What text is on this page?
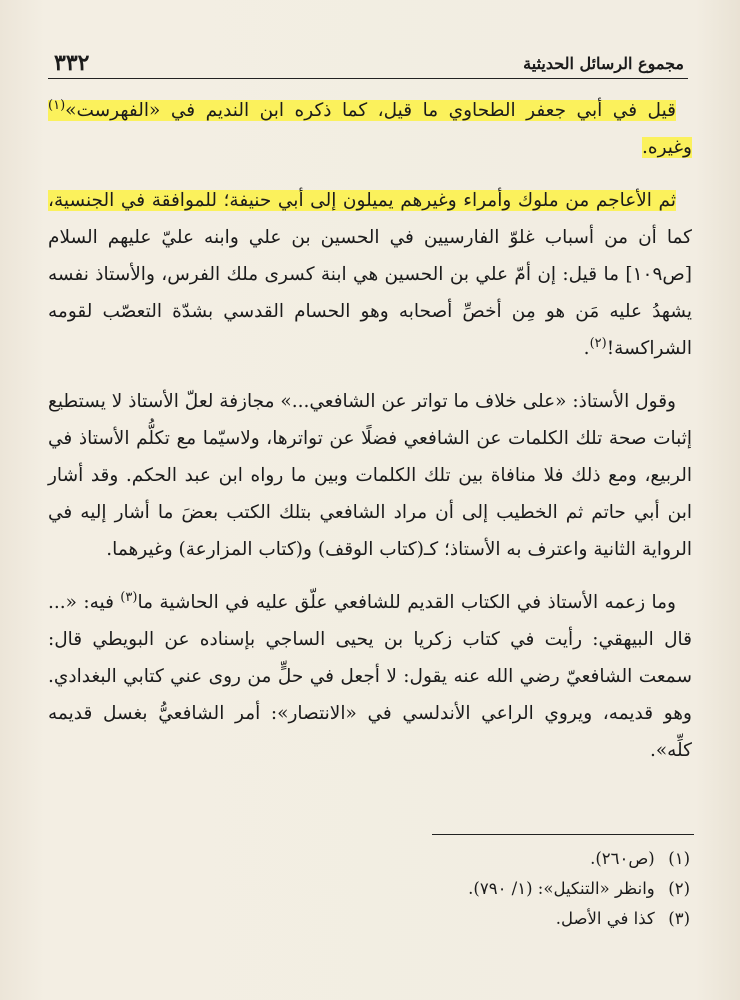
٣٣٢	مجموع الرسائل الحديثية

قيل في أبي جعفر الطحاوي ما قيل، كما ذكره ابن النديم في «الفهرست»$^{(١)}$ وغيره.

ثم الأعاجم من ملوك وأمراء وغيرهم يميلون إلى أبي حنيفة؛ للموافقة في الجنسية، كما أن من أسباب غلوّ الفارسيين في الحسين بن علي وابنه عليّ عليهم السلام [ص١٠٩] ما قيل: إن أمّ علي بن الحسين هي ابنة كسرى ملك الفرس، والأستاذ نفسه يشهدُ عليه مَن هو مِن أخصِّ أصحابه وهو الحسام القدسي بشدّة التعصّب لقومه الشراكسة!$^{(٢)}$.

وقول الأستاذ: «على خلاف ما تواتر عن الشافعي...» مجازفة لعلّ الأستاذ لا يستطيع إثبات صحة تلك الكلمات عن الشافعي فضلًا عن تواترها، ولاسيّما مع تكلُّم الأستاذ في الربيع، ومع ذلك فلا منافاة بين تلك الكلمات وبين ما رواه ابن عبد الحكم. وقد أشار ابن أبي حاتم ثم الخطيب إلى أن مراد الشافعي بتلك الكتب بعضَ ما أشار إليه في الرواية الثانية واعترف به الأستاذ؛ كـ(كتاب الوقف) و(كتاب المزارعة) وغيرهما.

وما زعمه الأستاذ في الكتاب القديم للشافعي علّق عليه في الحاشية ما$^{(٣)}$ فيه: «... قال البيهقي: رأيت في كتاب زكريا بن يحيى الساجي بإسناده عن البويطي قال: سمعت الشافعيّ رضي الله عنه يقول: لا أجعل في حلٍّ من روى عني كتابي البغدادي. وهو قديمه، ويروي الراعي الأندلسي في «الانتصار»: أمر الشافعيُّ بغسل قديمه كلِّه».

(١) (ص٢٦٠).

(٢) وانظر «التنكيل»: (١/ ٧٩٠).

(٣) كذا في الأصل.
